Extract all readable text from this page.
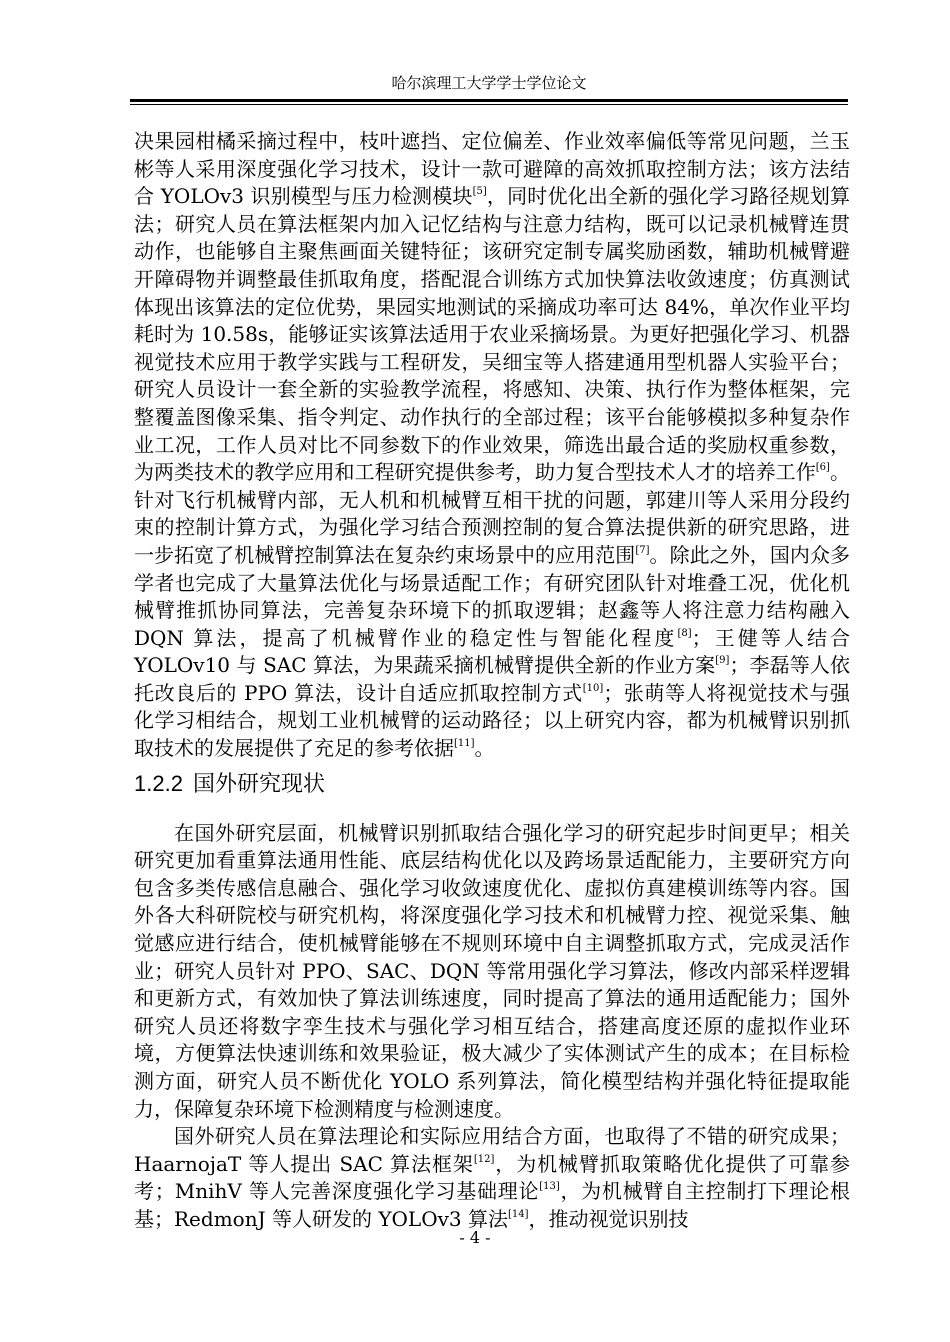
哈尔滨理工大学学士学位论文

决果园柑橘采摘过程中，枝叶遮挡、定位偏差、作业效率偏低等常见问题，兰玉彬等人采用深度强化学习技术，设计一款可避障的高效抓取控制方法；该方法结合 YOLOv3 识别模型与压力检测模块[5]，同时优化出全新的强化学习路径规划算法；研究人员在算法框架内加入记忆结构与注意力结构，既可以记录机械臂连贯动作，也能够自主聚焦画面关键特征；该研究定制专属奖励函数，辅助机械臂避开障碍物并调整最佳抓取角度，搭配混合训练方式加快算法收敛速度；仿真测试体现出该算法的定位优势，果园实地测试的采摘成功率可达 84%，单次作业平均耗时为 10.58s，能够证实该算法适用于农业采摘场景。为更好把强化学习、机器视觉技术应用于教学实践与工程研发，吴细宝等人搭建通用型机器人实验平台；研究人员设计一套全新的实验教学流程，将感知、决策、执行作为整体框架，完整覆盖图像采集、指令判定、动作执行的全部过程；该平台能够模拟多种复杂作业工况，工作人员对比不同参数下的作业效果，筛选出最合适的奖励权重参数，为两类技术的教学应用和工程研究提供参考，助力复合型技术人才的培养工作[6]。针对飞行机械臂内部，无人机和机械臂互相干扰的问题，郭建川等人采用分段约束的控制计算方式，为强化学习结合预测控制的复合算法提供新的研究思路，进一步拓宽了机械臂控制算法在复杂约束场景中的应用范围[7]。除此之外，国内众多学者也完成了大量算法优化与场景适配工作；有研究团队针对堆叠工况，优化机械臂推抓协同算法，完善复杂环境下的抓取逻辑；赵鑫等人将注意力结构融入 DQN 算法，提高了机械臂作业的稳定性与智能化程度[8]；王健等人结合 YOLOv10 与 SAC 算法，为果蔬采摘机械臂提供全新的作业方案[9]；李磊等人依托改良后的 PPO 算法，设计自适应抓取控制方式[10]；张萌等人将视觉技术与强化学习相结合，规划工业机械臂的运动路径；以上研究内容，都为机械臂识别抓取技术的发展提供了充足的参考依据[11]。

1.2.2 国外研究现状

在国外研究层面，机械臂识别抓取结合强化学习的研究起步时间更早；相关研究更加看重算法通用性能、底层结构优化以及跨场景适配能力，主要研究方向包含多类传感信息融合、强化学习收敛速度优化、虚拟仿真建模训练等内容。国外各大科研院校与研究机构，将深度强化学习技术和机械臂力控、视觉采集、触觉感应进行结合，使机械臂能够在不规则环境中自主调整抓取方式，完成灵活作业；研究人员针对 PPO、SAC、DQN 等常用强化学习算法，修改内部采样逻辑和更新方式，有效加快了算法训练速度，同时提高了算法的通用适配能力；国外研究人员还将数字孪生技术与强化学习相互结合，搭建高度还原的虚拟作业环境，方便算法快速训练和效果验证，极大减少了实体测试产生的成本；在目标检测方面，研究人员不断优化 YOLO 系列算法，简化模型结构并强化特征提取能力，保障复杂环境下检测精度与检测速度。

国外研究人员在算法理论和实际应用结合方面，也取得了不错的研究成果；HaarnojaT 等人提出 SAC 算法框架[12]，为机械臂抓取策略优化提供了可靠参考；MnihV 等人完善深度强化学习基础理论[13]，为机械臂自主控制打下理论根基；RedmonJ 等人研发的 YOLOv3 算法[14]，推动视觉识别技

- 4 -
